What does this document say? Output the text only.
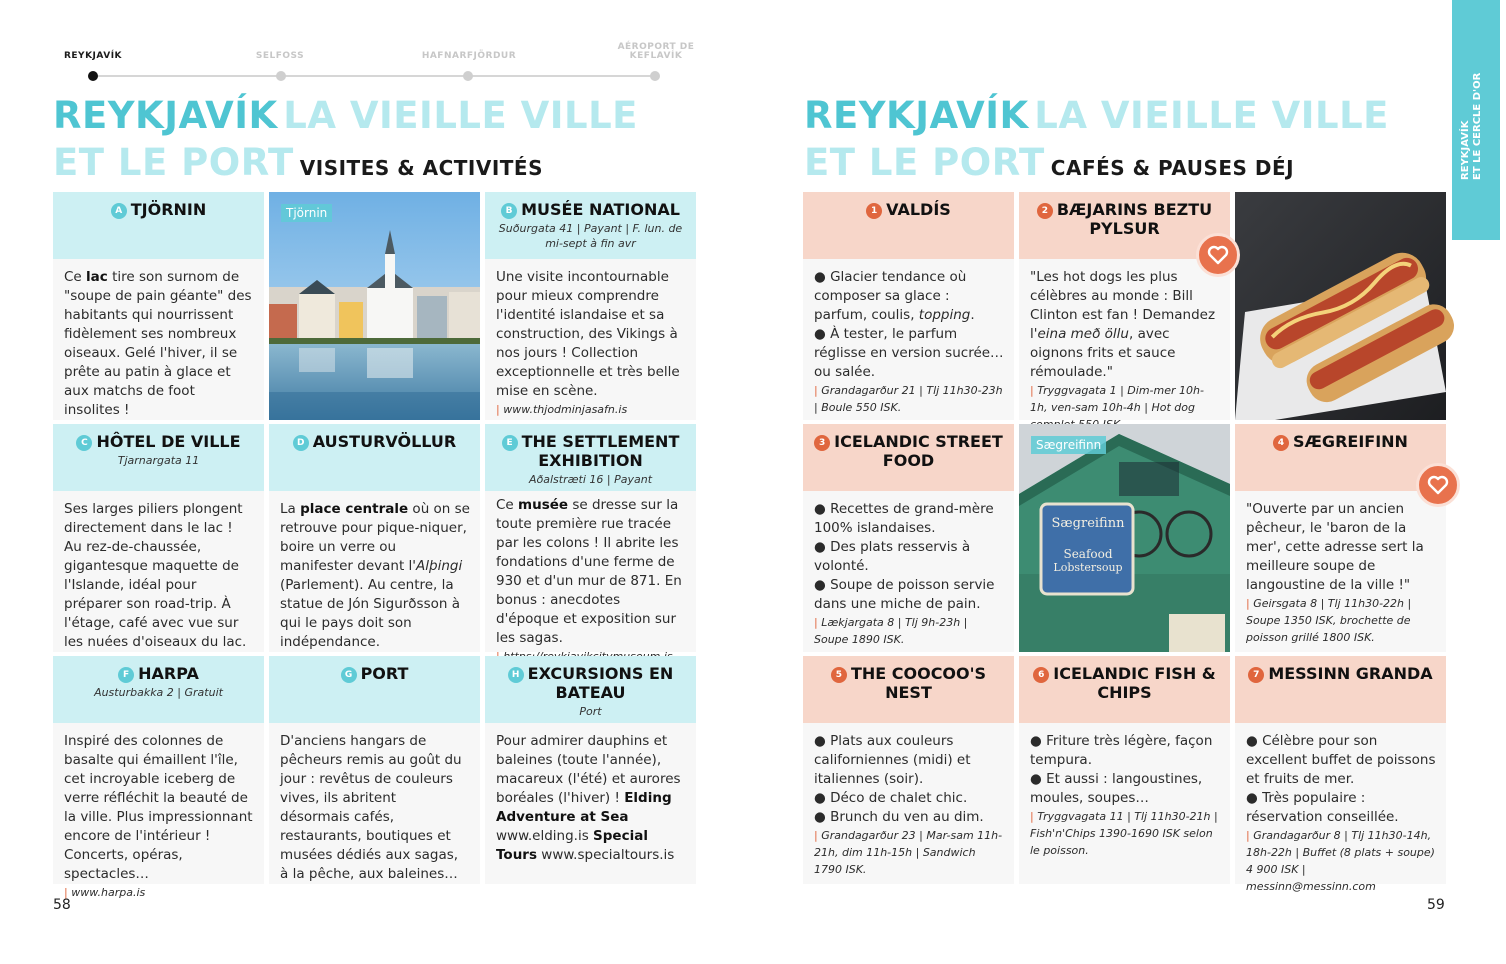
REYKJAVÍK	SELFOSS	HAFNARFJÖRDUR
AÉROPORT DE KEFLAVÍK
REYKJAVÍK LA VIEILLE VILLE
ET LE PORT VISITES & ACTIVITÉS
A TJÖRNIN
Ce lac tire son surnom de "soupe de pain géante" des habitants qui nourrissent fidèlement ses nombreux oiseaux. Gelé l'hiver, il se prête au patin à glace et aux matchs de foot insolites !
Tjörnin	B MUSÉE NATIONAL
Suðurgata 41 | Payant | F. lun. de mi-sept à fin avr
Une visite incontournable pour mieux comprendre l'identité islandaise et sa construction, des Vikings à nos jours ! Collection exceptionnelle et très belle mise en scène.
| www.thjodminjasafn.is
C HÔTEL DE VILLE
Tjarnargata 11
Ses larges piliers plongent directement dans le lac ! Au rez-de-chaussée, gigantesque maquette de l'Islande, idéal pour préparer son road-trip. À l'étage, café avec vue sur les nuées d'oiseaux du lac.
D AUSTURVÖLLUR
La place centrale où on se retrouve pour pique-niquer, boire un verre ou manifester devant l'Alþingi (Parlement). Au centre, la statue de Jón Sigurðsson à qui le pays doit son indépendance.
E THE SETTLEMENT EXHIBITION
Aðalstræti 16 | Payant
Ce musée se dresse sur la toute première rue tracée par les colons ! Il abrite les fondations d'une ferme de 930 et d'un mur de 871. En bonus : anecdotes d'époque et exposition sur les sagas.
F HARPA
Austurbakka 2 | Gratuit
Inspiré des colonnes de basalte qui émaillent l'île, cet incroyable iceberg de verre réfléchit la beauté de la ville. Plus impressionnant encore de l'intérieur ! Concerts, opéras, spectacles…
| www.harpa.is
G PORT
D'anciens hangars de pêcheurs remis au goût du jour : revêtus de couleurs vives, ils abritent désormais cafés, restaurants, boutiques et musées dédiés aux sagas, à la pêche, aux baleines…
H EXCURSIONS EN BATEAU
Port
Pour admirer dauphins et baleines (toute l'année), macareux (l'été) et aurores boréales (l'hiver) ! Elding Adventure at Sea www.elding.is Special Tours www.specialtours.is
58
REYKJAVÍK LA VIEILLE VILLE
ET LE PORT CAFÉS & PAUSES DÉJ
1 VALDÍS
● Glacier tendance où composer sa glace : parfum, coulis, topping.
● À tester, le parfum réglisse en version sucrée… ou salée.
| Grandagarður 21 | Tlj 11h30-23h | Boule 550 ISK.
2 BÆJARINS BEZTU PYLSUR
"Les hot dogs les plus célèbres au monde : Bill Clinton est fan ! Demandez l'eina með öllu, avec oignons frits et sauce rémoulade."
| Tryggvagata 1 | Dim-mer 10h-1h, ven-sam 10h-4h | Hot dog
3 ICELANDIC STREET FOOD
● Recettes de grand-mère 100% islandaises.
● Des plats resservis à volonté.
● Soupe de poisson servie dans une miche de pain.
| Lækjargata 8 | Tlj 9h-23h | Soupe 1890 ISK.
Sægreifinn
Sægreifinn
Seafood
Lobstersoup
4 SÆGREIFINN
"Ouverte par un ancien pêcheur, le 'baron de la mer', cette adresse sert la meilleure soupe de langoustine de la ville !"
| Geirsgata 8 | Tlj 11h30-22h | Soupe 1350 ISK, brochette de poisson grillé 1800 ISK.
5 THE COOCOO'S NEST
● Plats aux couleurs californiennes (midi) et italiennes (soir).
● Déco de chalet chic.
● Brunch du ven au dim.
| Grandagarður 23 | Mar-sam 11h-21h, dim 11h-15h | Sandwich 1790 ISK.
6 ICELANDIC FISH & CHIPS
● Friture très légère, façon tempura.
● Et aussi : langoustines, moules, soupes…
| Tryggvagata 11 | Tlj 11h30-21h | Fish'n'Chips 1390-1690 ISK selon le poisson.
7 MESSINN GRANDA
● Célèbre pour son excellent buffet de poissons et fruits de mer.
● Très populaire : réservation conseillée.
| Grandagarður 8 | Tlj 11h30-14h, 18h-22h | Buffet (8 plats + soupe) 4 900 ISK | messinn@messinn.com
59
REYKJAVÍK ET LE CERCLE D'OR
